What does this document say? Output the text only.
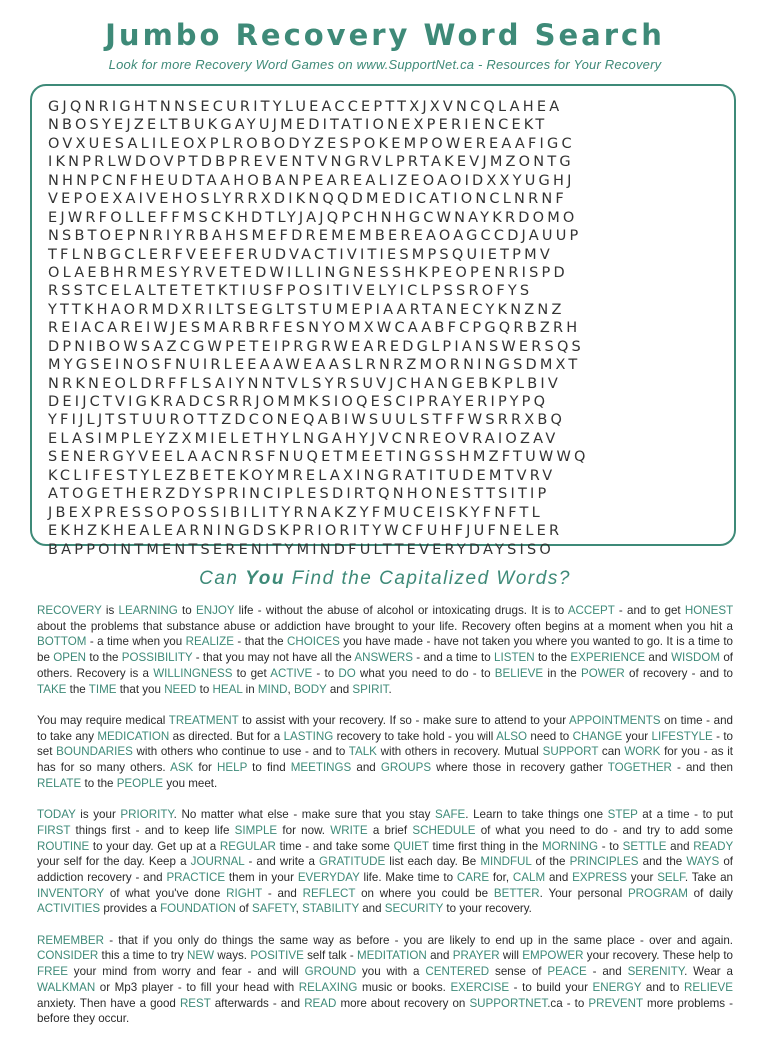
Jumbo Recovery Word Search
Look for more Recovery Word Games on www.SupportNet.ca - Resources for Your Recovery
GJQNRIGHTNNSECURITYLUEACCEPTTXJXVNCQLAHEA
NBOSYEJZELTBUKGAYUJMEDITATIONEXPERIENCEKT
OVXUESALILEOXPLROBODYZESPOKEMPOWEREAAFIGC
IKNPRLWDOVPTDBPREVENTVNGRVLPRTAKEVJMZONTG
NHNPCNFHEUDTAAHOBANPEAREALIZEOAOIDXXYUGHJ
VEPOEXAIVEHOSLYRRXDIKNQQDMEDICATIONCLNRNF
EJWRFOLLEFFMSCKHDTLYJAJQPCHNHGCWNAYKRDOMO
NSBTOEPNRIYRBAHSMEFDREMEMBEREAOAGCCDJAUUP
TFLNBGCLERFVEEFERUDVACTIVITIESMPSQUIETPMV
OLAEBHRMESYRVETEDWILLINGNESSHKPEOPENRISPD
RSSTCELALTETETKTIUSFPOSITIVELYICLPSSROFYS
YTTKHAORMDXRILTSEGLTSTUMEPIAARTANECYKNZNZ
REIACAREIWJESMARBRFESNYOMXWCAABFCPGQRBZRH
DPNIBOWSAZCGWPETEIPRGRWEAREDGLPIANSWERSQS
MYGSEINOSFNUIRLEEAAWEAASLRNRZMORNINGSDMXT
NRKNEOLDRFFLSAIYNNTVLSYRSUVJCHANGEBKPLBIV
DEIJCTVIGKRADCSRRJOMMKSIOQESCIPRAYERIPYPQ
YFIJLJTSTUUROTTZDCONEQABIWSUULSTFFWSRRXBQ
ELASIMPLEYZXMIELETHYLNGAHYJVCNREOVRAIOZAV
SENERGYVEELAACNRSFNUQETMEETINGSSHMZFTUWWQ
KCLIFESTYLEZBETEKOYMRELAXINGRATITUDEMTVRV
ATOGETHERZDYSPRINCIPLESDIRTQNHONESTTSITIP
JBEXPRESSOPOSSIBILITYRNAKZYFMUCEISKYFNFTL
EKHZKHEALEARNINGDSKPRIORITYWCFUHFJUFNELER
BAPPOINTMENTSERENITYMINDFULTTEVERYDAYSISO
Can You Find the Capitalized Words?

RECOVERY is LEARNING to ENJOY life - without the abuse of alcohol or intoxicating drugs. It is to ACCEPT - and to get HONEST about the problems that substance abuse or addiction have brought to your life. Recovery often begins at a moment when you hit a BOTTOM - a time when you REALIZE - that the CHOICES you have made - have not taken you where you wanted to go. It is a time to be OPEN to the POSSIBILITY - that you may not have all the ANSWERS - and a time to LISTEN to the EXPERIENCE and WISDOM of others. Recovery is a WILLINGNESS to get ACTIVE - to DO what you need to do - to BELIEVE in the POWER of recovery - and to TAKE the TIME that you NEED to HEAL in MIND, BODY and SPIRIT.

You may require medical TREATMENT to assist with your recovery. If so - make sure to attend to your APPOINTMENTS on time - and to take any MEDICATION as directed. But for a LASTING recovery to take hold - you will ALSO need to CHANGE your LIFESTYLE - to set BOUNDARIES with others who continue to use - and to TALK with others in recovery. Mutual SUPPORT can WORK for you - as it has for so many others. ASK for HELP to find MEETINGS and GROUPS where those in recovery gather TOGETHER - and then RELATE to the PEOPLE you meet.

TODAY is your PRIORITY. No matter what else - make sure that you stay SAFE. Learn to take things one STEP at a time - to put FIRST things first - and to keep life SIMPLE for now. WRITE a brief SCHEDULE of what you need to do - and try to add some ROUTINE to your day. Get up at a REGULAR time - and take some QUIET time first thing in the MORNING - to SETTLE and READY your self for the day. Keep a JOURNAL - and write a GRATITUDE list each day. Be MINDFUL of the PRINCIPLES and the WAYS of addiction recovery - and PRACTICE them in your EVERYDAY life. Make time to CARE for, CALM and EXPRESS your SELF. Take an INVENTORY of what you've done RIGHT - and REFLECT on where you could be BETTER. Your personal PROGRAM of daily ACTIVITIES provides a FOUNDATION of SAFETY, STABILITY and SECURITY to your recovery.

REMEMBER - that if you only do things the same way as before - you are likely to end up in the same place - over and again. CONSIDER this a time to try NEW ways. POSITIVE self talk - MEDITATION and PRAYER will EMPOWER your recovery. These help to FREE your mind from worry and fear - and will GROUND you with a CENTERED sense of PEACE - and SERENITY. Wear a WALKMAN or Mp3 player - to fill your head with RELAXING music or books. EXERCISE - to build your ENERGY and to RELIEVE anxiety. Then have a good REST afterwards - and READ more about recovery on SUPPORTNET.ca - to PREVENT more problems - before they occur.
